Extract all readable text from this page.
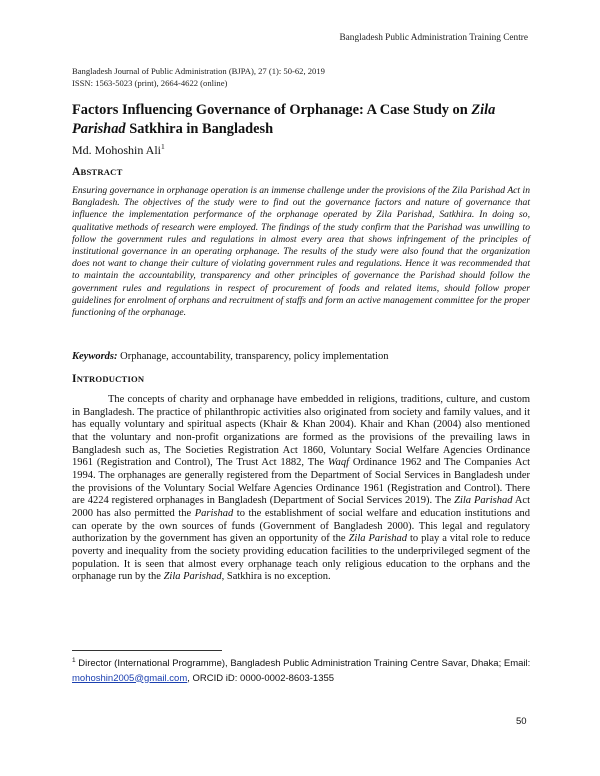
Bangladesh Public Administration Training Centre
Bangladesh Journal of Public Administration (BJPA), 27 (1): 50-62, 2019
ISSN: 1563-5023 (print), 2664-4622 (online)
Factors Influencing Governance of Orphanage: A Case Study on Zila Parishad Satkhira in Bangladesh
Md. Mohoshin Ali$^1$
ABSTRACT

Ensuring governance in orphanage operation is an immense challenge under the provisions of the Zila Parishad Act in Bangladesh. The objectives of the study were to find out the governance factors and nature of governance that influence the implementation performance of the orphanage operated by Zila Parishad, Satkhira. In doing so, qualitative methods of research were employed. The findings of the study confirm that the Parishad was unwilling to follow the government rules and regulations in almost every area that shows infringement of the principles of institutional governance in an operating orphanage. The results of the study were also found that the organization does not want to change their culture of violating government rules and regulations. Hence it was recommended that to maintain the accountability, transparency and other principles of governance the Parishad should follow the government rules and regulations in respect of procurement of foods and related items, should follow proper guidelines for enrolment of orphans and recruitment of staffs and form an active management committee for the proper functioning of the orphanage.

Keywords: Orphanage, accountability, transparency, policy implementation
INTRODUCTION

The concepts of charity and orphanage have embedded in religions, traditions, culture, and custom in Bangladesh. The practice of philanthropic activities also originated from society and family values, and it has equally voluntary and spiritual aspects (Khair & Khan 2004). Khair and Khan (2004) also mentioned that the voluntary and non-profit organizations are formed as the provisions of the prevailing laws in Bangladesh such as, The Societies Registration Act 1860, Voluntary Social Welfare Agencies Ordinance 1961 (Registration and Control), The Trust Act 1882, The Waqf Ordinance 1962 and The Companies Act 1994. The orphanages are generally registered from the Department of Social Services in Bangladesh under the provisions of the Voluntary Social Welfare Agencies Ordinance 1961 (Registration and Control). There are 4224 registered orphanages in Bangladesh (Department of Social Services 2019). The Zila Parishad Act 2000 has also permitted the Parishad to the establishment of social welfare and education institutions and can operate by the own sources of funds (Government of Bangladesh 2000). This legal and regulatory authorization by the government has given an opportunity of the Zila Parishad to play a vital role to reduce poverty and inequality from the society providing education facilities to the underprivileged segment of the population. It is seen that almost every orphanage teach only religious education to the orphans and the orphanage run by the Zila Parishad, Satkhira is no exception.

$^1$ Director (International Programme), Bangladesh Public Administration Training Centre Savar, Dhaka; Email: mohoshin2005@gmail.com, ORCID iD: 0000-0002-8603-1355
50
